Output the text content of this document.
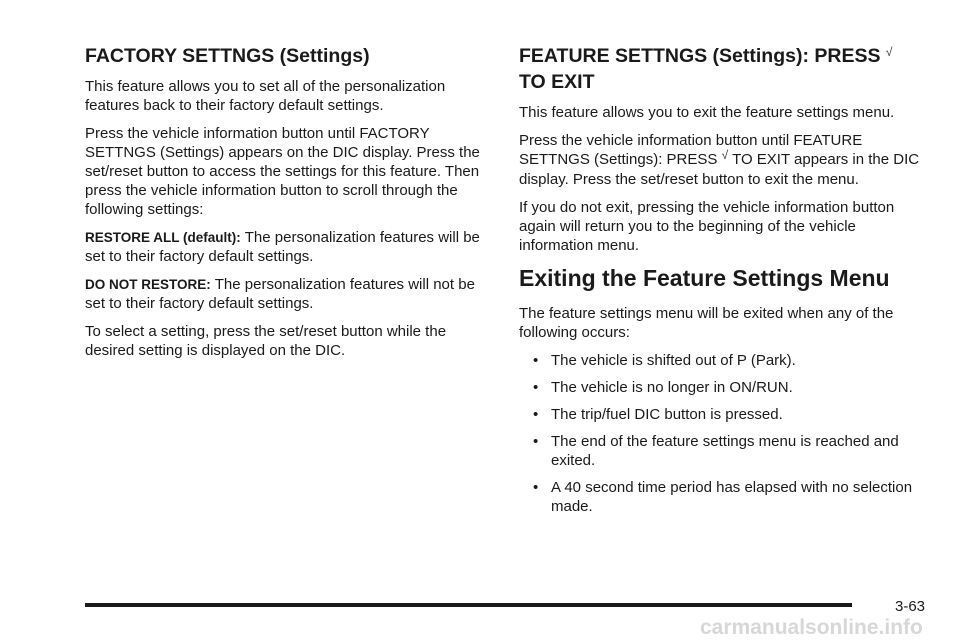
FACTORY SETTNGS (Settings)

This feature allows you to set all of the personalization features back to their factory default settings.

Press the vehicle information button until FACTORY SETTNGS (Settings) appears on the DIC display. Press the set/reset button to access the settings for this feature. Then press the vehicle information button to scroll through the following settings:

RESTORE ALL (default): The personalization features will be set to their factory default settings.

DO NOT RESTORE: The personalization features will not be set to their factory default settings.

To select a setting, press the set/reset button while the desired setting is displayed on the DIC.

FEATURE SETTNGS (Settings): PRESS √
TO EXIT

This feature allows you to exit the feature settings menu.

Press the vehicle information button until FEATURE SETTNGS (Settings): PRESS √ TO EXIT appears in the DIC display. Press the set/reset button to exit the menu.

If you do not exit, pressing the vehicle information button again will return you to the beginning of the vehicle information menu.

Exiting the Feature Settings Menu

The feature settings menu will be exited when any of the following occurs:

• The vehicle is shifted out of P (Park).
• The vehicle is no longer in ON/RUN.
• The trip/fuel DIC button is pressed.
• The end of the feature settings menu is reached and exited.
• A 40 second time period has elapsed with no selection made.
3-63
carmanualsonline.info
